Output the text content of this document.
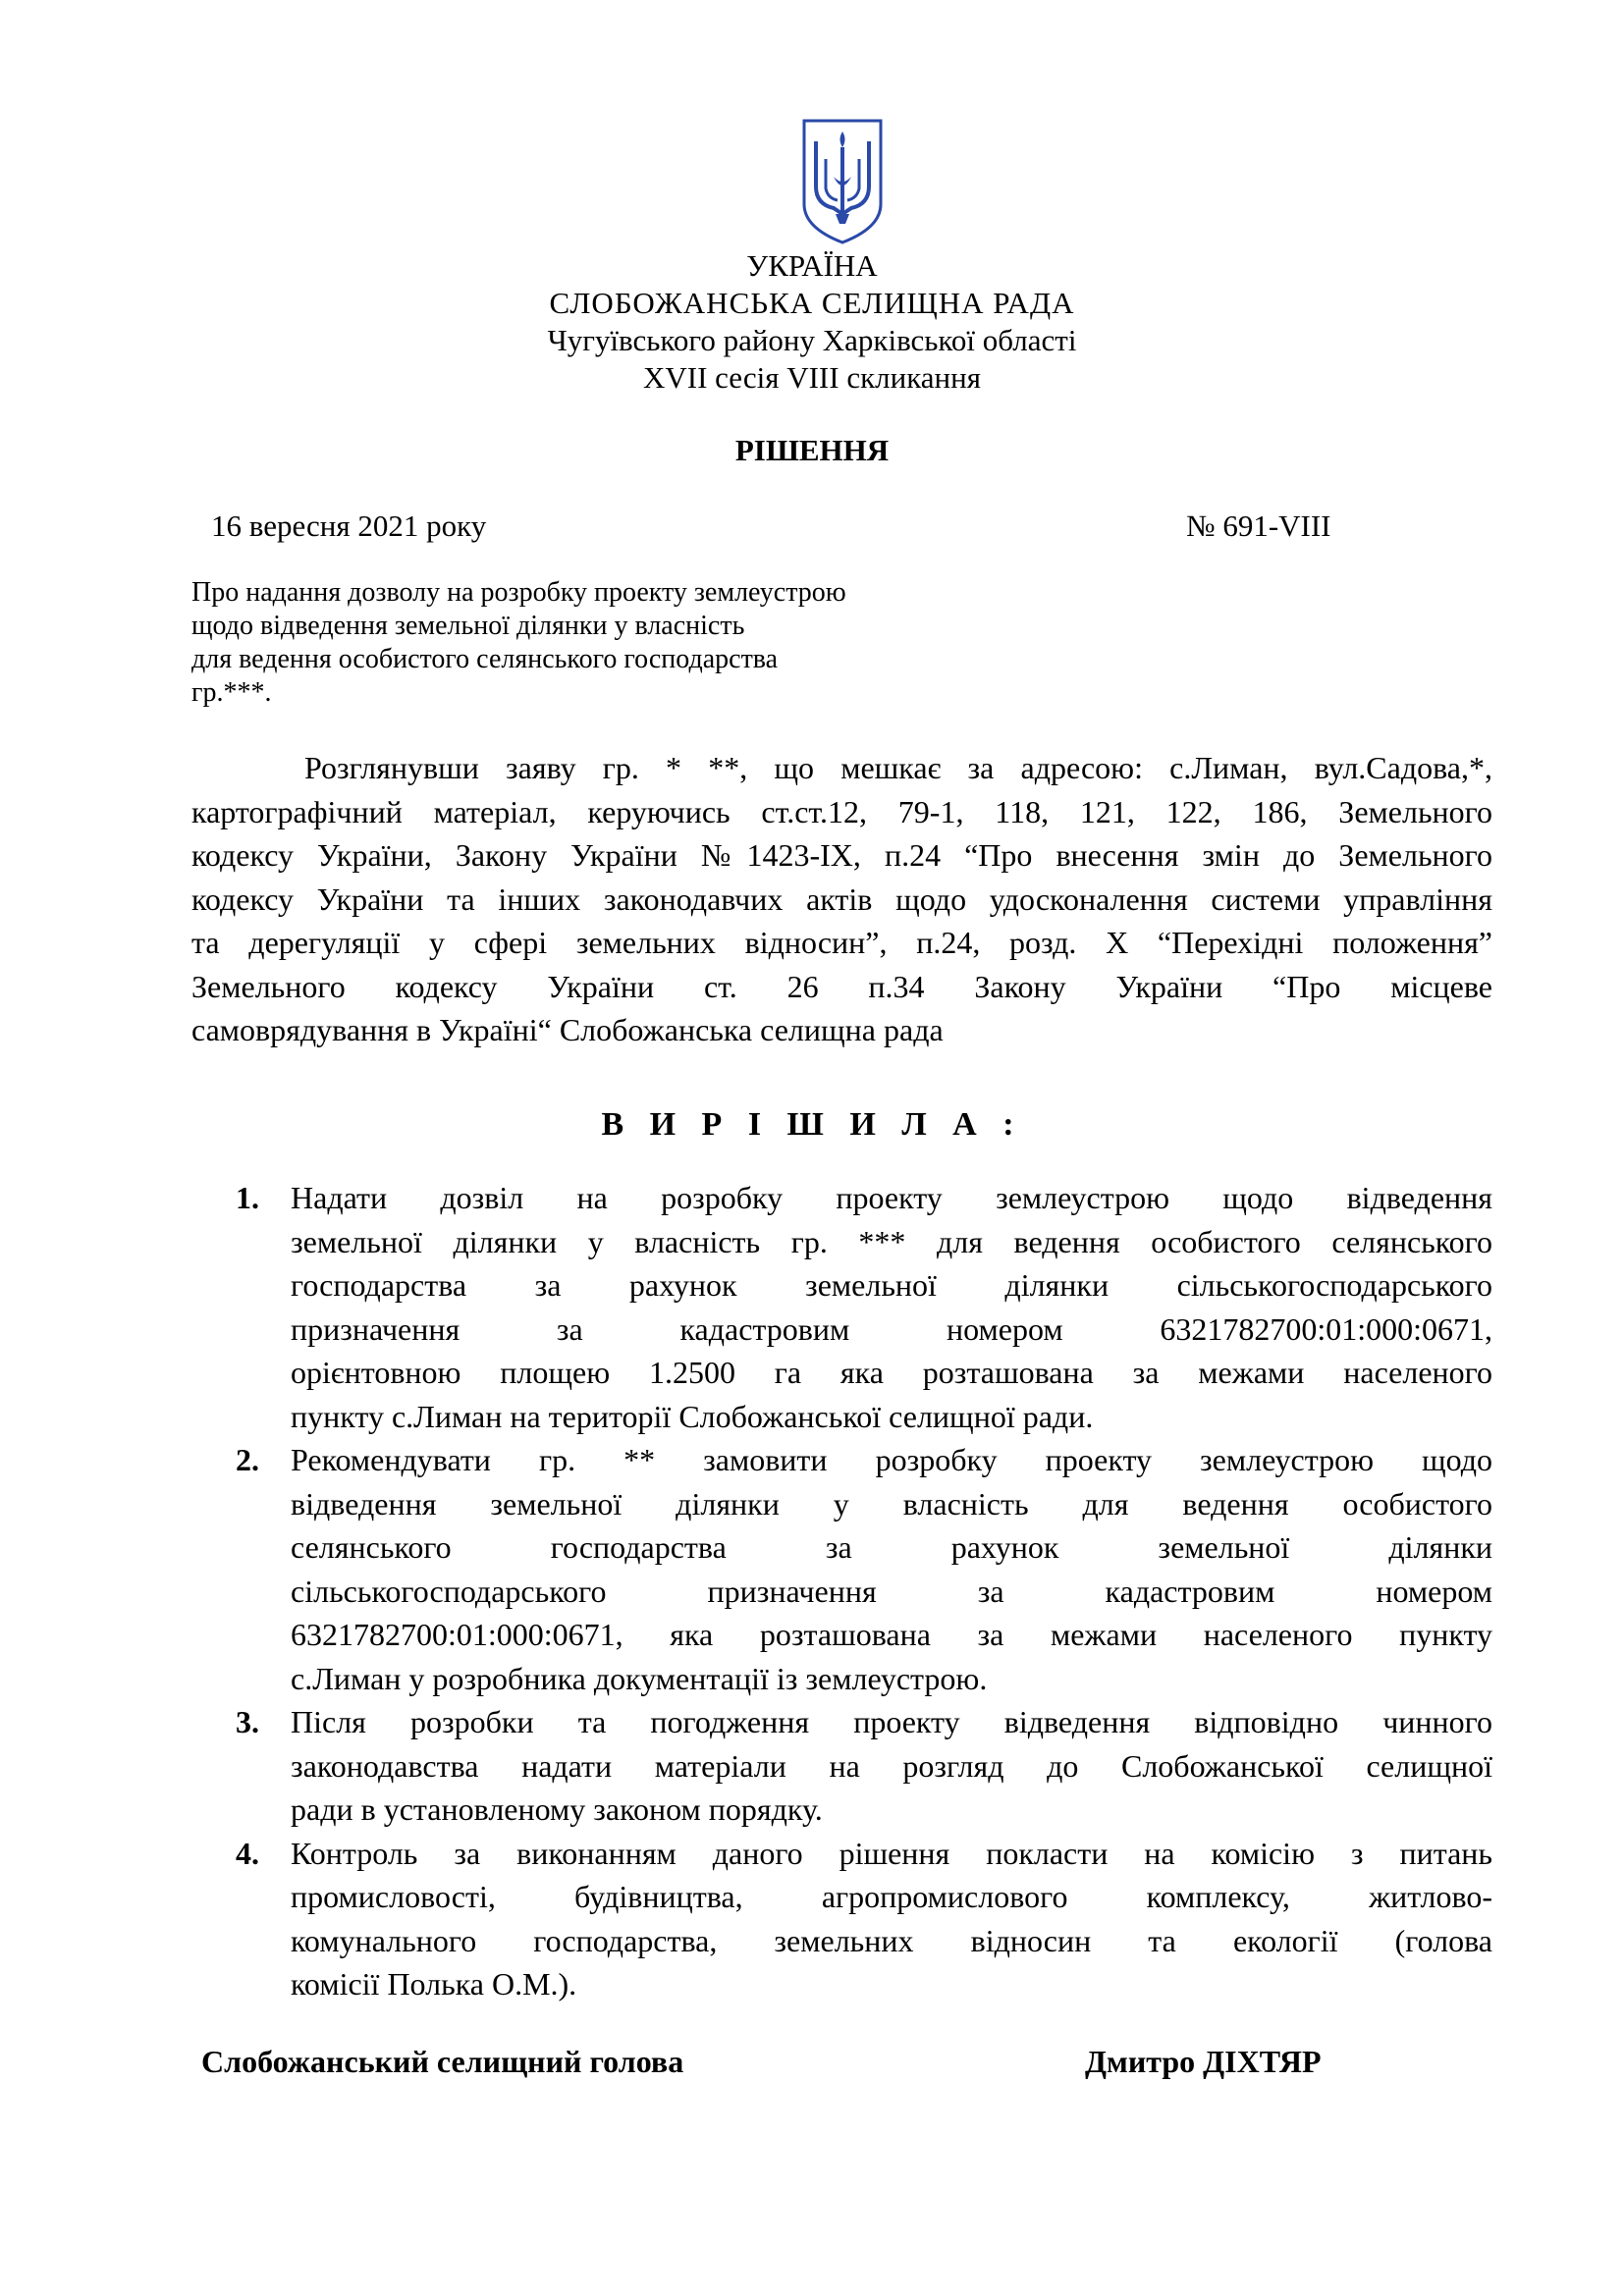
УКРАЇНА
СЛОБОЖАНСЬКА СЕЛИЩНА РАДА
Чугуївського району Харківської області
XVII сесія VIII скликання
РІШЕННЯ
16 вересня 2021 року	№ 691-VIII
Про надання дозволу на розробку проекту землеустрою
щодо відведення земельної ділянки у власність
для ведення особистого селянського господарства
гр.***.
Розглянувши заяву гр. * **, що мешкає за адресою: с.Лиман, вул.Садова,*,
картографічний матеріал, керуючись ст.ст.12, 79-1, 118, 121, 122, 186, Земельного
кодексу України, Закону України №1423-IX, п.24 “Про внесення змін до Земельного
кодексу України та інших законодавчих актів щодо удосконалення системи управління
та дерегуляції у сфері земельних відносин”, п.24, розд. Х “Перехідні положення”
Земельного кодексу України ст. 26 п.34 Закону України “Про місцеве
самоврядування в Україні“ Слобожанська селищна рада
В И Р І Ш И Л А :
1. Надати дозвіл на розробку проекту землеустрою щодо відведення
земельної ділянки у власність гр. *** для ведення особистого селянського
господарства за рахунок земельної ділянки сільськогосподарського
призначення за кадастровим номером 6321782700:01:000:0671,
орієнтовною площею 1.2500 га яка розташована за межами населеного
пункту с.Лиман на території Слобожанської селищної ради.
2. Рекомендувати гр. ** замовити розробку проекту землеустрою щодо
відведення земельної ділянки у власність для ведення особистого
селянського господарства за рахунок земельної ділянки
сільськогосподарського призначення за кадастровим номером
6321782700:01:000:0671, яка розташована за межами населеного пункту
с.Лиман у розробника документації із землеустрою.
3. Після розробки та погодження проекту відведення відповідно чинного
законодавства надати матеріали на розгляд до Слобожанської селищної
ради в установленому законом порядку.
4. Контроль за виконанням даного рішення покласти на комісію з питань
промисловості, будівництва, агропромислового комплексу, житлово-
комунального господарства, земельних відносин та екології (голова
комісії Полька О.М.).
Слобожанський селищний голова	Дмитро ДІХТЯР
